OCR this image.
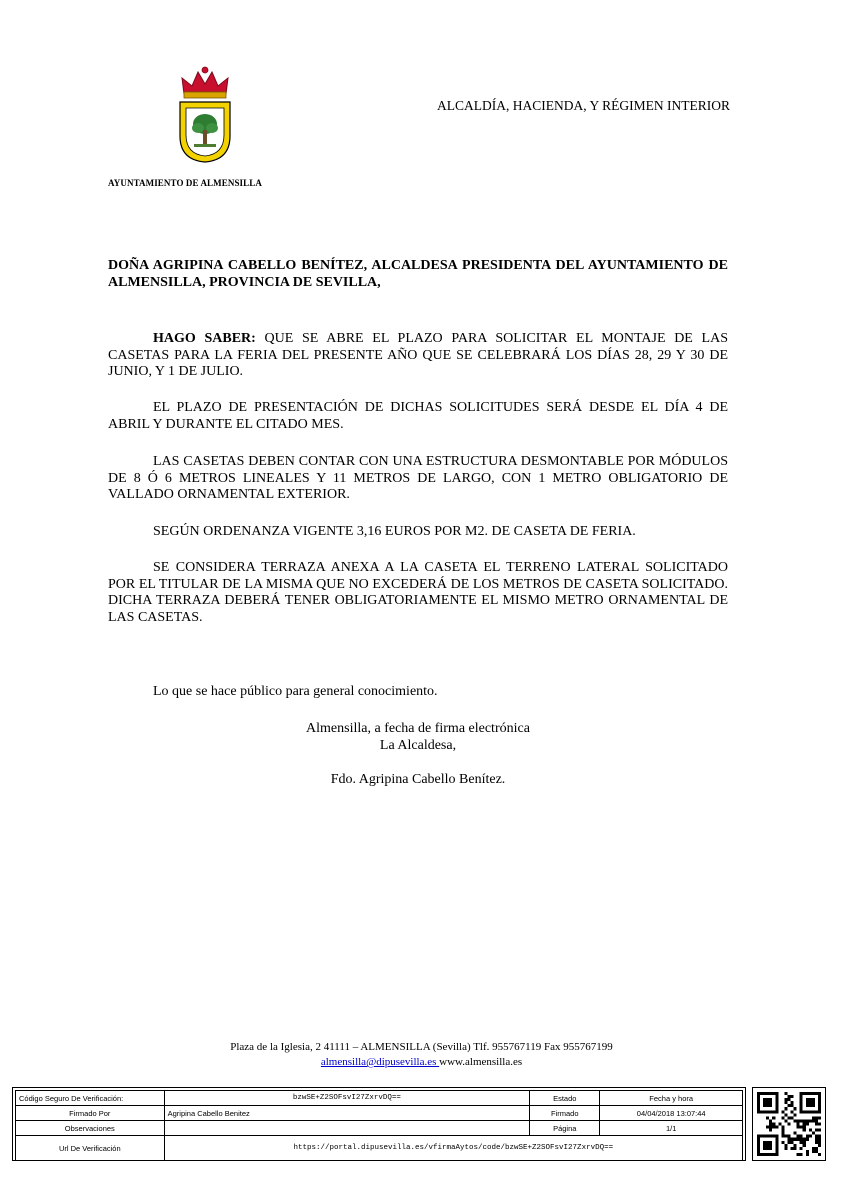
ALCALDÍA, HACIENDA, Y RÉGIMEN INTERIOR
AYUNTAMIENTO DE ALMENSILLA
DOÑA AGRIPINA CABELLO BENÍTEZ, ALCALDESA PRESIDENTA DEL AYUNTAMIENTO DE ALMENSILLA, PROVINCIA DE SEVILLA,
HAGO SABER: QUE SE ABRE EL PLAZO PARA SOLICITAR EL MONTAJE DE LAS CASETAS PARA LA FERIA DEL PRESENTE AÑO QUE SE CELEBRARÁ LOS DÍAS 28, 29 Y 30 DE JUNIO, Y 1 DE JULIO.
EL PLAZO DE PRESENTACIÓN DE DICHAS SOLICITUDES SERÁ DESDE EL DÍA 4 DE ABRIL Y DURANTE EL CITADO MES.
LAS CASETAS DEBEN CONTAR CON UNA ESTRUCTURA DESMONTABLE POR MÓDULOS DE 8 Ó 6 METROS LINEALES Y 11 METROS DE LARGO, CON 1 METRO OBLIGATORIO DE VALLADO ORNAMENTAL EXTERIOR.
SEGÚN ORDENANZA VIGENTE 3,16 EUROS POR M2. DE CASETA DE FERIA.
SE CONSIDERA TERRAZA ANEXA A LA CASETA EL TERRENO LATERAL SOLICITADO POR EL TITULAR DE LA MISMA QUE NO EXCEDERÁ DE LOS METROS DE CASETA SOLICITADO. DICHA TERRAZA DEBERÁ TENER OBLIGATORIAMENTE EL MISMO METRO ORNAMENTAL DE LAS CASETAS.
Lo que se hace público para general conocimiento.
Almensilla, a fecha de firma electrónica
La Alcaldesa,
Fdo. Agripina Cabello Benítez.
Plaza de la Iglesia, 2 41111 – ALMENSILLA (Sevilla) Tlf. 955767119 Fax 955767199
almensilla@dipusevilla.es www.almensilla.es
Código Seguro De Verificación:	bzwSE+Z2SOFsvI27ZxrvDQ==	Estado	Fecha y hora
Firmado Por	Agripina Cabello Benitez	Firmado	04/04/2018 13:07:44
Observaciones		Página	1/1
Url De Verificación	https://portal.dipusevilla.es/vfirmaAytos/code/bzwSE+Z2SOFsvI27ZxrvDQ==		
